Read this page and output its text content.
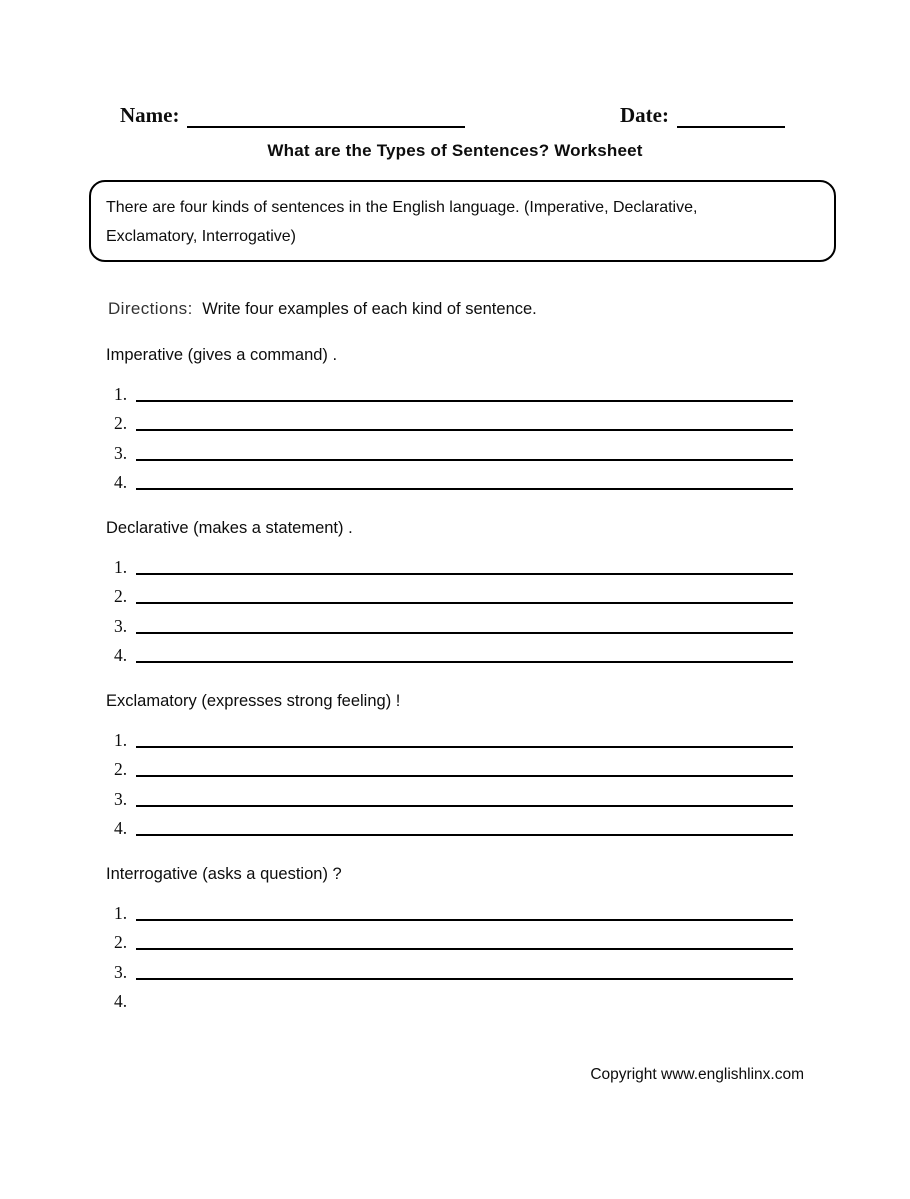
Name:	Date:
What are the Types of Sentences? Worksheet
There are four kinds of sentences in the English language. (Imperative, Declarative,
Exclamatory, Interrogative)
Directions: Write four examples of each kind of sentence.
Imperative (gives a command) .
1.
2.
3.
4.
Declarative (makes a statement) .
1.
2.
3.
4.
Exclamatory (expresses strong feeling) !
1.
2.
3.
4.
Interrogative (asks a question) ?
1.
2.
3.
4.
Copyright www.englishlinx.com
